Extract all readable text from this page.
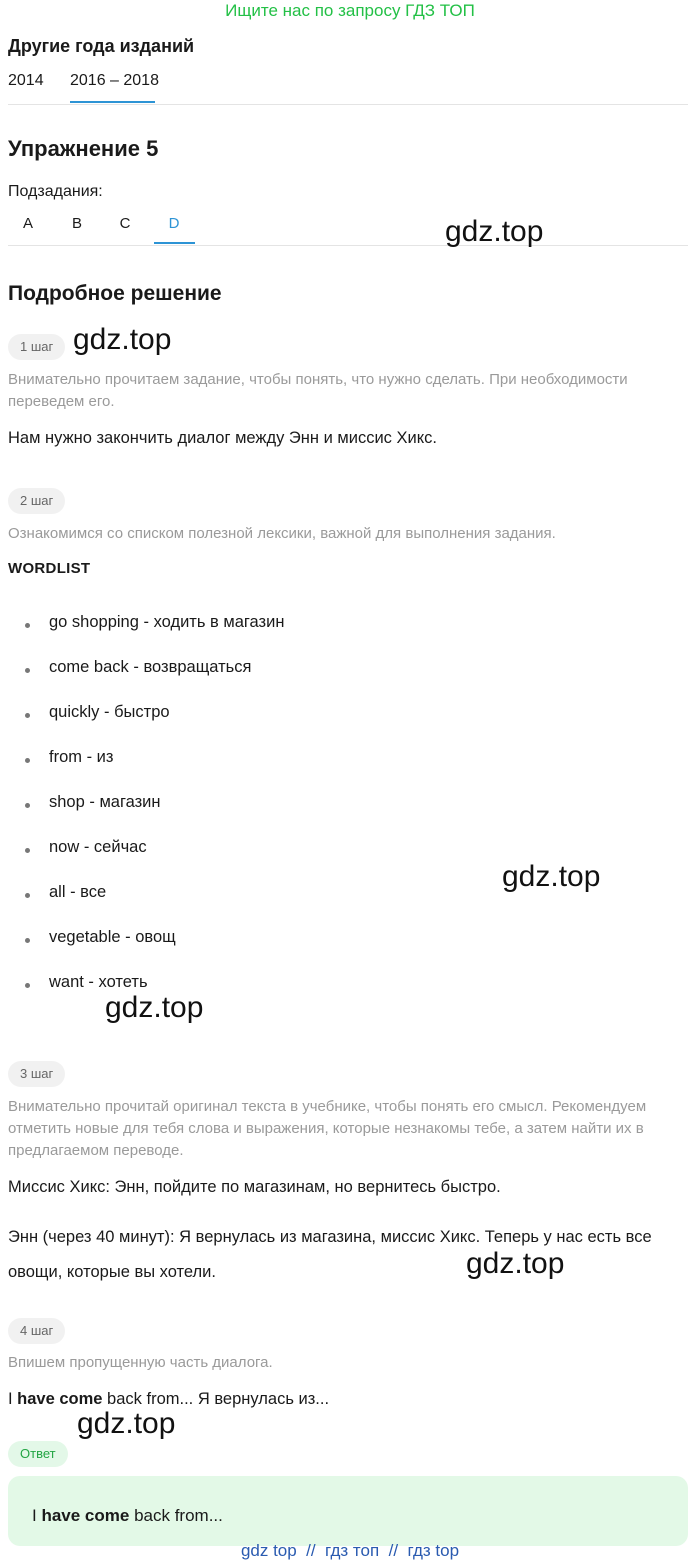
Ищите нас по запросу ГДЗ ТОП
Другие года изданий
2014 2016 – 2018
Упражнение 5
Подзадания:
A	B	C	D	gdz.top
gdz.top
gdz.top
gdz.top
gdz.top
gdz.top
Подробное решение
1 шаг
Внимательно прочитаем задание, чтобы понять, что нужно сделать. При необходимости переведем его.
Нам нужно закончить диалог между Энн и миссис Хикс.
2 шаг
Ознакомимся со списком полезной лексики, важной для выполнения задания.
WORDLIST
go shopping - ходить в магазин
come back - возвращаться
quickly - быстро
from - из
shop - магазин
now - сейчас
all - все
vegetable - овощ
want - хотеть
3 шаг
Внимательно прочитай оригинал текста в учебнике, чтобы понять его смысл. Рекомендуем отметить новые для тебя слова и выражения, которые незнакомы тебе, а затем найти их в предлагаемом переводе.
Миссис Хикс: Энн, пойдите по магазинам, но вернитесь быстро.
Энн (через 40 минут): Я вернулась из магазина, миссис Хикс. Теперь у нас есть все овощи, которые вы хотели.
4 шаг
Впишем пропущенную часть диалога.
I have come back from... Я вернулась из...
Ответ
I have come back from...
gdz top  //  гдз топ  //  гдз top
